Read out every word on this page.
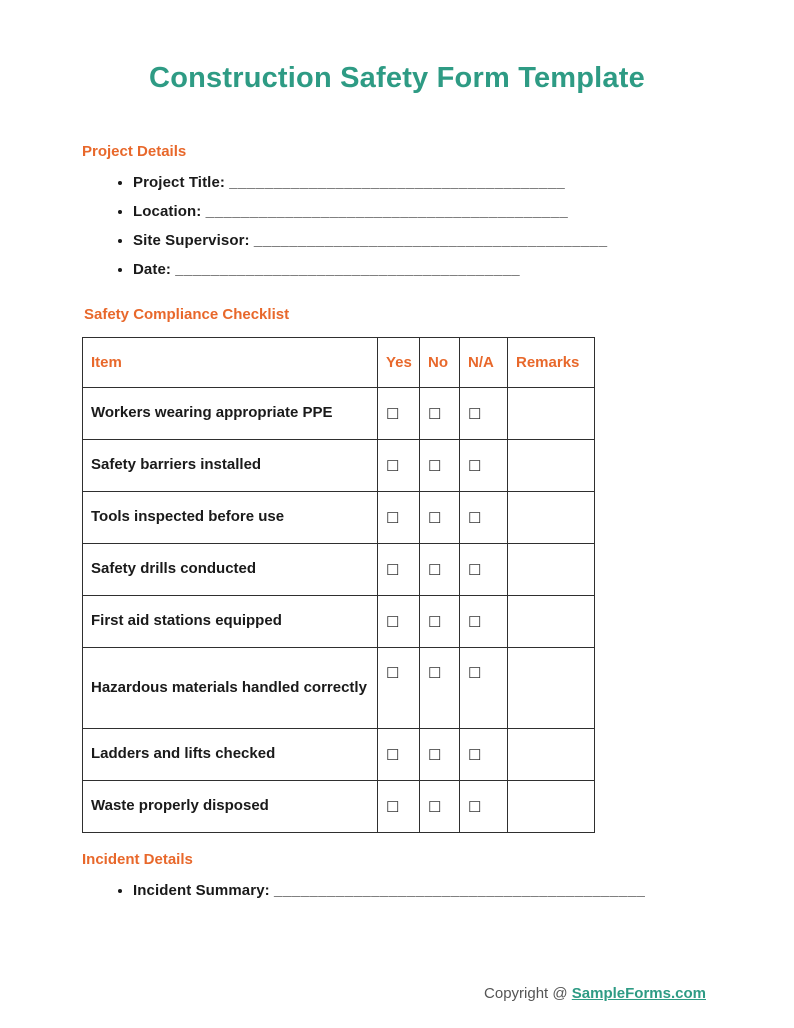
Construction Safety Form Template
Project Details
• Project Title: ______________________________________
• Location: _________________________________________
• Site Supervisor: ________________________________________
• Date: _______________________________________
Safety Compliance Checklist
Item	Yes	No	N/A	Remarks
Workers wearing appropriate PPE	☐	☐	☐	
Safety barriers installed	☐	☐	☐	
Tools inspected before use	☐	☐	☐	
Safety drills conducted	☐	☐	☐	
First aid stations equipped	☐	☐	☐	
Hazardous materials handled correctly	☐	☐	☐	
Ladders and lifts checked	☐	☐	☐	
Waste properly disposed	☐	☐	☐	
Incident Details
• Incident Summary: __________________________________________
Copyright @ SampleForms.com
